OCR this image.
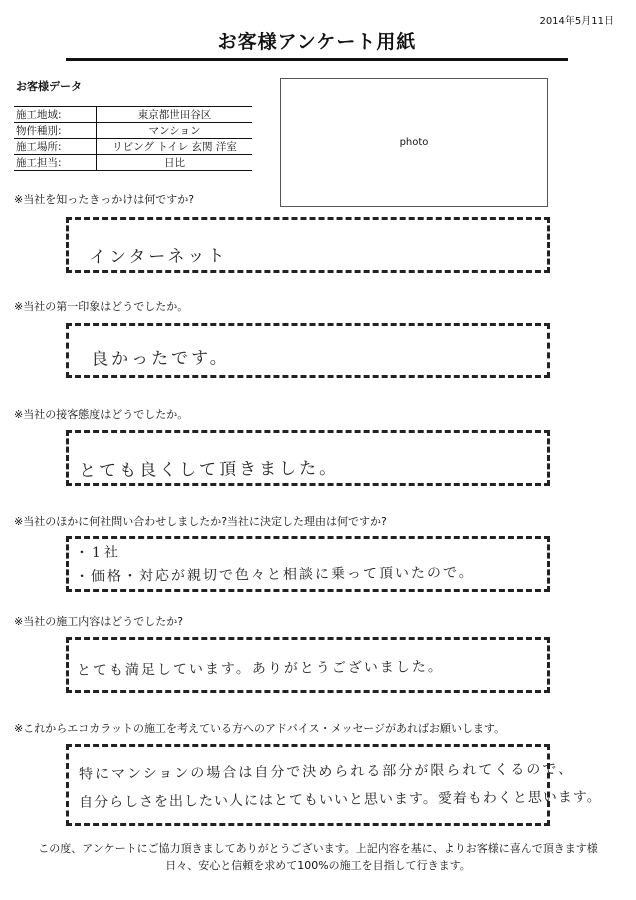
2014年5月11日
お客様アンケート用紙
お客様データ
施工地域:	東京都世田谷区
物件種別:	マンション
施工場所:	リビング トイレ 玄関 洋室
施工担当:	日比
photo
※当社を知ったきっかけは何ですか?
インターネット
※当社の第一印象はどうでしたか。
良かったです。
※当社の接客態度はどうでしたか。
とても良くして頂きました。
※当社のほかに何社問い合わせしましたか?当社に決定した理由は何ですか?
・1社
・価格・対応が親切で色々と相談に乗って頂いたので。
※当社の施工内容はどうでしたか?
とても満足しています。ありがとうございました。
※これからエコカラットの施工を考えている方へのアドバイス・メッセージがあればお願いします。
特にマンションの場合は自分で決められる部分が限られてくるので、
自分らしさを出したい人にはとてもいいと思います。愛着もわくと思います。
この度、アンケートにご協力頂きましてありがとうございます。上記内容を基に、よりお客様に喜んで頂きます様
日々、安心と信頼を求めて100%の施工を目指して行きます。
